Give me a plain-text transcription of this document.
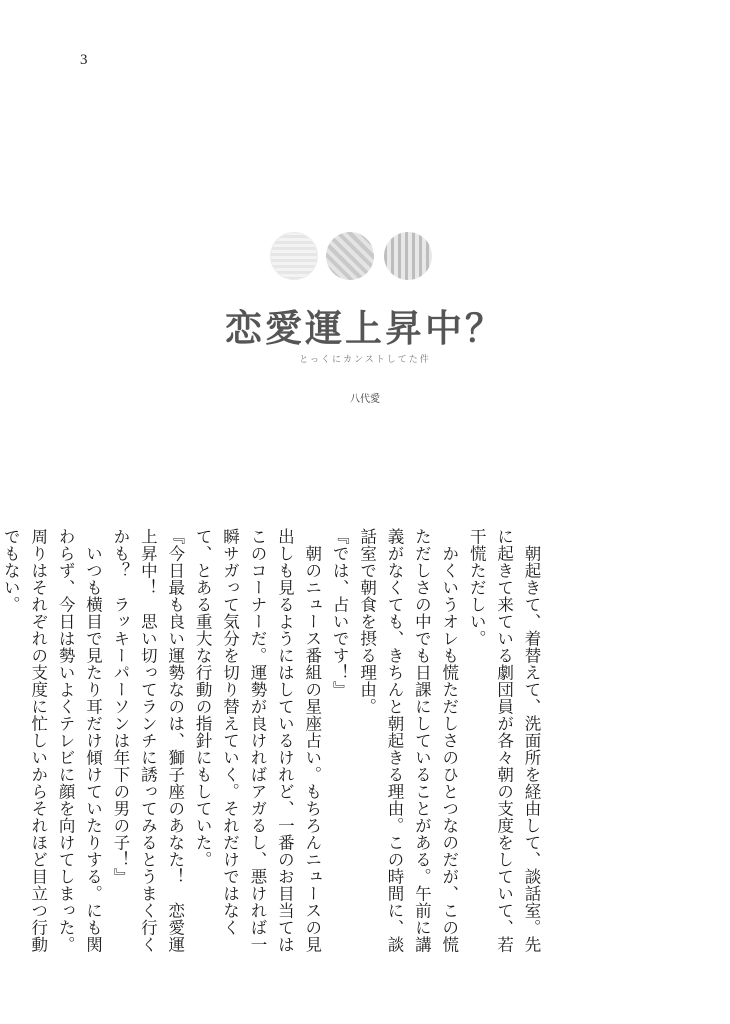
3
恋愛運上昇中？
とっくにカンストしてた件
八代愛

朝起きて、着替えて、洗面所を経由して、談話室。先に起きて来ている劇団員が各々朝の支度をしていて、若干慌ただしい。

かくいうオレも慌ただしさのひとつなのだが、この慌ただしさの中でも日課にしていることがある。午前に講義がなくても、きちんと朝起きる理由。この時間に、談話室で朝食を摂る理由。

『では、占いです！』

朝のニュース番組の星座占い。もちろんニュースの見出しも見るようにはしているけれど、一番のお目当てはこのコーナーだ。運勢が良ければアガるし、悪ければ一瞬サガって気分を切り替えていく。それだけではなくて、とある重大な行動の指針にもしていた。

『今日最も良い運勢なのは、獅子座のあなた！　恋愛運上昇中！　思い切ってランチに誘ってみるとうまく行くかも？　ラッキーパーソンは年下の男の子！』

いつも横目で見たり耳だけ傾けていたりする。にも関わらず、今日は勢いよくテレビに顔を向けてしまった。周りはそれぞれの支度に忙しいからそれほど目立つ行動でもない。
